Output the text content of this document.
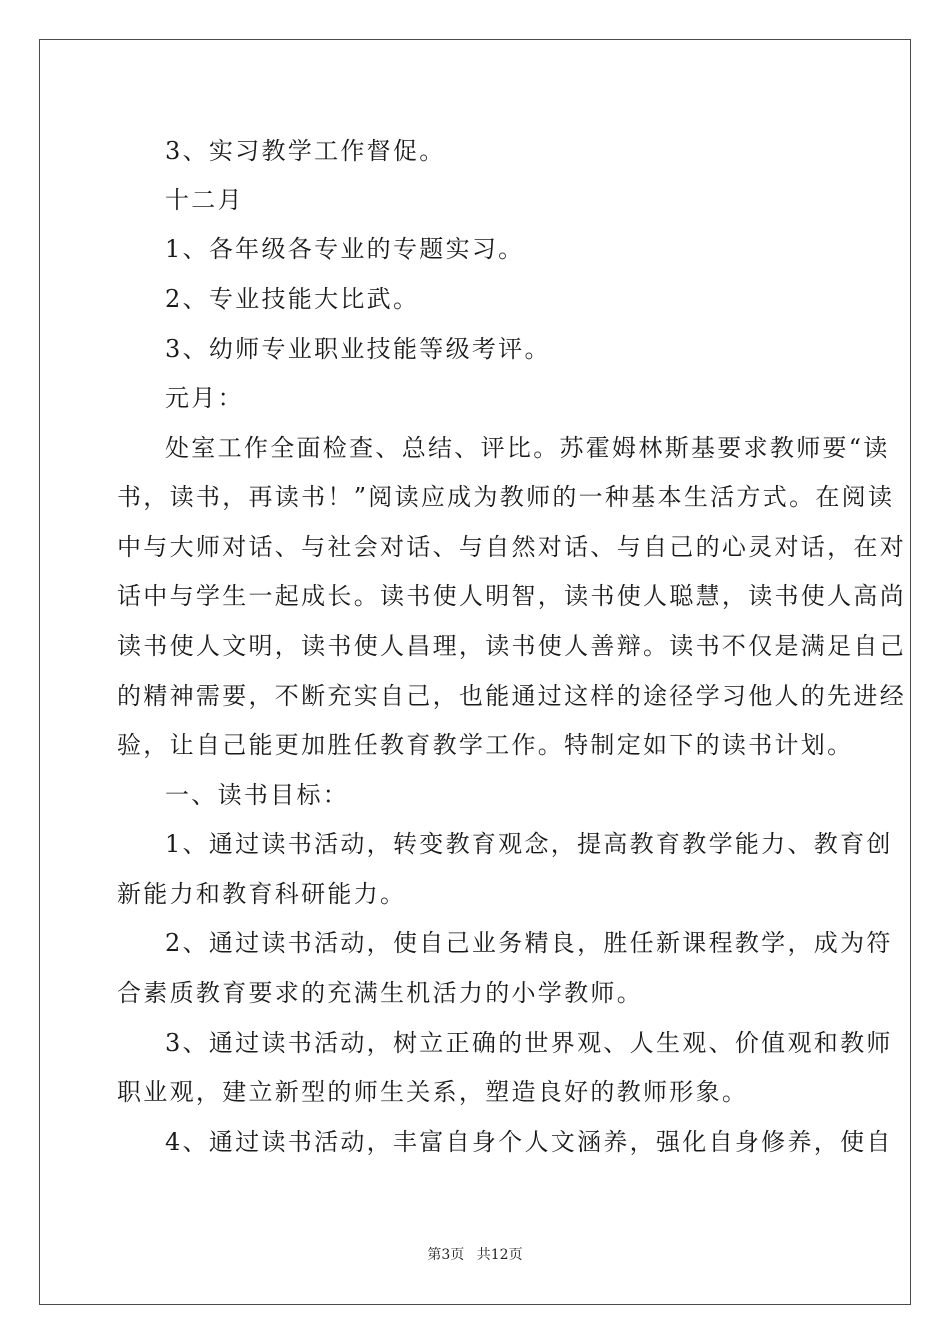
3、实习教学工作督促。
十二月
1、各年级各专业的专题实习。
2、专业技能大比武。
3、幼师专业职业技能等级考评。
元月：
处室工作全面检查、总结、评比。苏霍姆林斯基要求教师要“读
书，读书，再读书！”阅读应成为教师的一种基本生活方式。在阅读
中与大师对话、与社会对话、与自然对话、与自己的心灵对话，在对
话中与学生一起成长。读书使人明智，读书使人聪慧，读书使人高尚
读书使人文明，读书使人昌理，读书使人善辩。读书不仅是满足自己
的精神需要，不断充实自己，也能通过这样的途径学习他人的先进经
验，让自己能更加胜任教育教学工作。特制定如下的读书计划。
一、读书目标：
1、通过读书活动，转变教育观念，提高教育教学能力、教育创
新能力和教育科研能力。
2、通过读书活动，使自己业务精良，胜任新课程教学，成为符
合素质教育要求的充满生机活力的小学教师。
3、通过读书活动，树立正确的世界观、人生观、价值观和教师
职业观，建立新型的师生关系，塑造良好的教师形象。
4、通过读书活动，丰富自身个人文涵养，强化自身修养，使自
第3页 共12页
